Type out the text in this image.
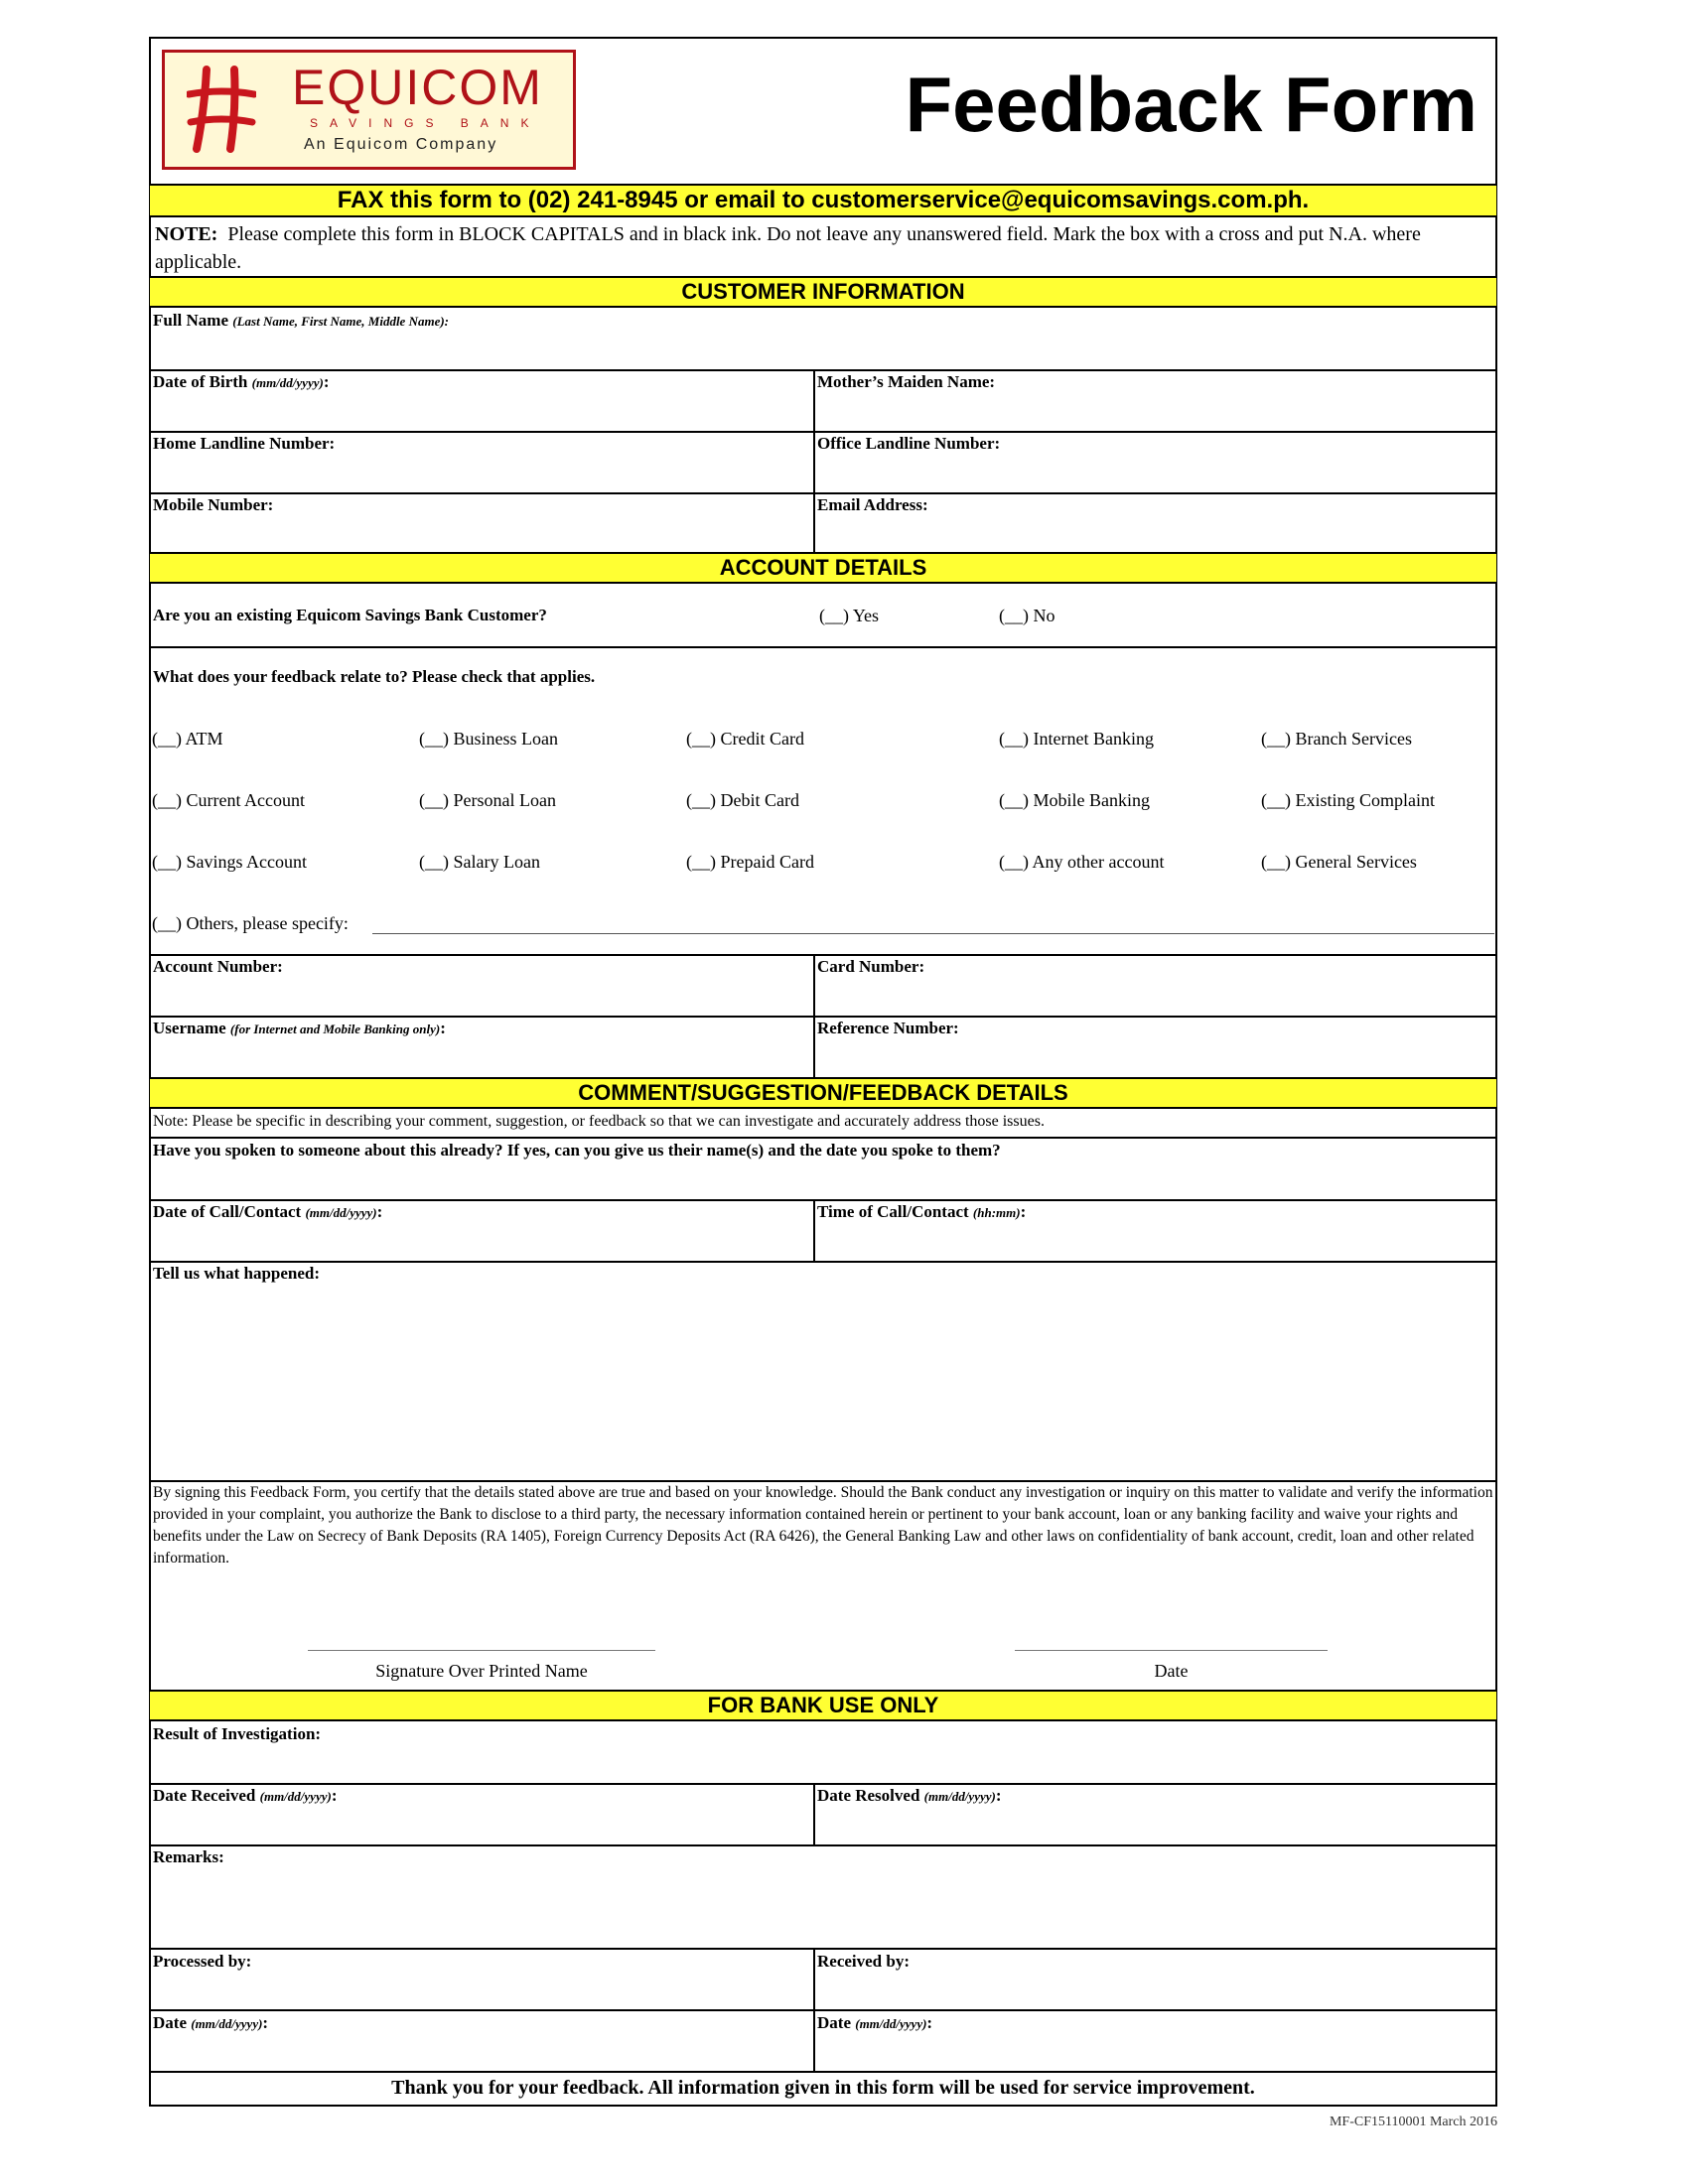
EQUICOM
SAVINGS BANK
An Equicom Company	Feedback Form
FAX this form to (02) 241-8945 or email to customerservice@equicomsavings.com.ph.
NOTE: Please complete this form in BLOCK CAPITALS and in black ink. Do not leave any unanswered field. Mark the box with a cross and put N.A. where applicable.
CUSTOMER INFORMATION
Full Name (Last Name, First Name, Middle Name):
Date of Birth (mm/dd/yyyy):	Mother’s Maiden Name:
Home Landline Number:	Office Landline Number:
Mobile Number:	Email Address:
ACCOUNT DETAILS
Are you an existing Equicom Savings Bank Customer?	(__) Yes	(__) No
What does your feedback relate to? Please check that applies.
(__) ATM	(__) Business Loan	(__) Credit Card	(__) Internet Banking	(__) Branch Services
(__) Current Account	(__) Personal Loan	(__) Debit Card	(__) Mobile Banking	(__) Existing Complaint
(__) Savings Account	(__) Salary Loan	(__) Prepaid Card	(__) Any other account	(__) General Services
(__) Others, please specify:
Account Number:	Card Number:
Username (for Internet and Mobile Banking only):	Reference Number:
COMMENT/SUGGESTION/FEEDBACK DETAILS
Note: Please be specific in describing your comment, suggestion, or feedback so that we can investigate and accurately address those issues.
Have you spoken to someone about this already? If yes, can you give us their name(s) and the date you spoke to them?
Date of Call/Contact (mm/dd/yyyy):	Time of Call/Contact (hh:mm):
Tell us what happened:
By signing this Feedback Form, you certify that the details stated above are true and based on your knowledge. Should the Bank conduct any investigation or inquiry on this matter to validate and verify the information provided in your complaint, you authorize the Bank to disclose to a third party, the necessary information contained herein or pertinent to your bank account, loan or any banking facility and waive your rights and benefits under the Law on Secrecy of Bank Deposits (RA 1405), Foreign Currency Deposits Act (RA 6426), the General Banking Law and other laws on confidentiality of bank account, credit, loan and other related information.
Signature Over Printed Name	Date
FOR BANK USE ONLY
Result of Investigation:
Date Received (mm/dd/yyyy):	Date Resolved (mm/dd/yyyy):
Remarks:
Processed by:	Received by:
Date (mm/dd/yyyy):	Date (mm/dd/yyyy):
Thank you for your feedback. All information given in this form will be used for service improvement.
MF-CF15110001 March 2016
